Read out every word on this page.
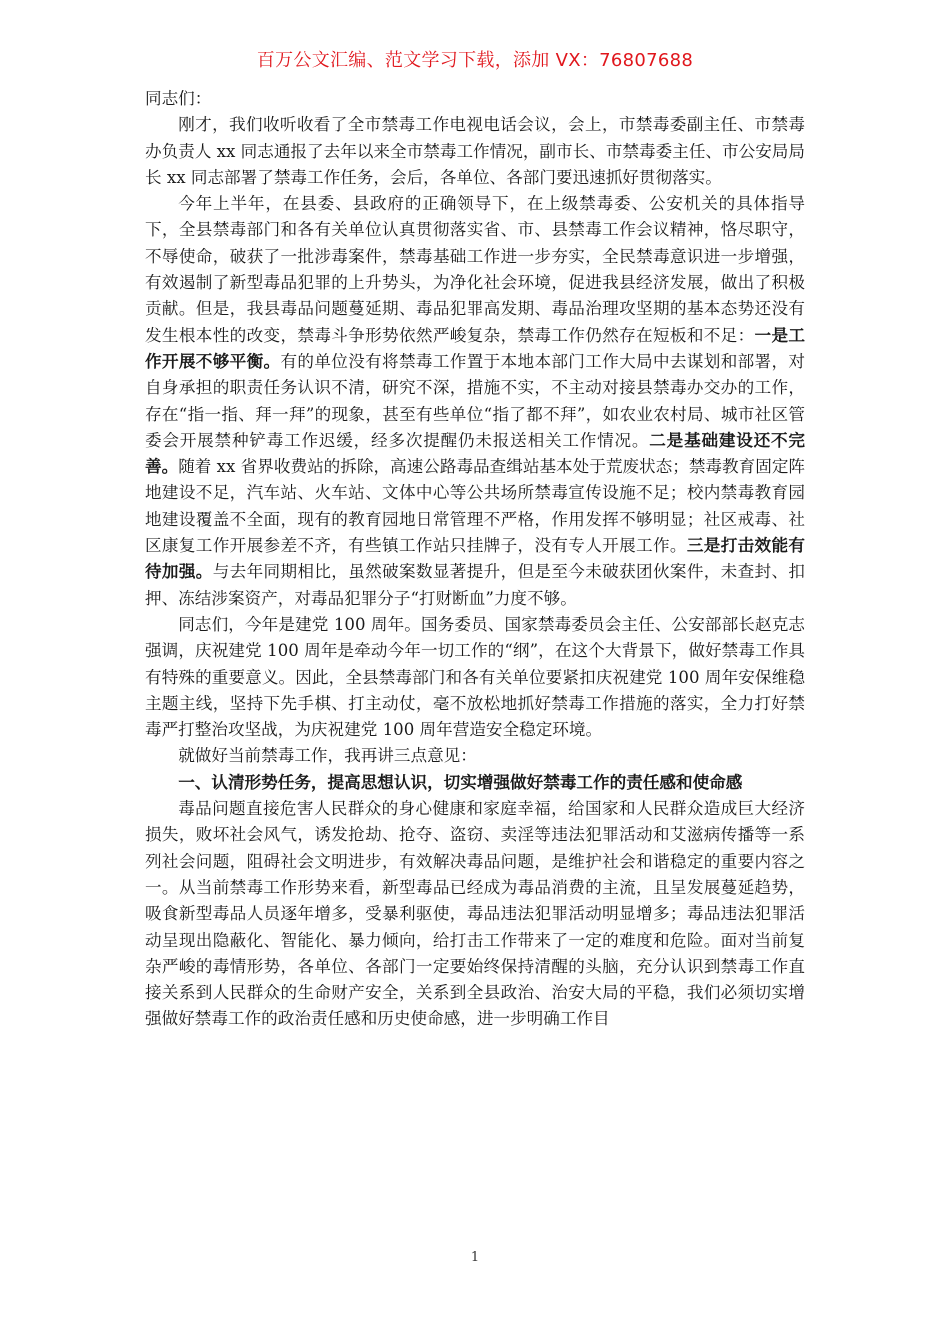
百万公文汇编、范文学习下载，添加 VX：76807688

同志们：

刚才，我们收听收看了全市禁毒工作电视电话会议，会上，市禁毒委副主任、市禁毒办负责人 xx 同志通报了去年以来全市禁毒工作情况，副市长、市禁毒委主任、市公安局局长 xx 同志部署了禁毒工作任务，会后，各单位、各部门要迅速抓好贯彻落实。

今年上半年，在县委、县政府的正确领导下，在上级禁毒委、公安机关的具体指导下，全县禁毒部门和各有关单位认真贯彻落实省、市、县禁毒工作会议精神，恪尽职守，不辱使命，破获了一批涉毒案件，禁毒基础工作进一步夯实，全民禁毒意识进一步增强，有效遏制了新型毒品犯罪的上升势头，为净化社会环境，促进我县经济发展，做出了积极贡献。但是，我县毒品问题蔓延期、毒品犯罪高发期、毒品治理攻坚期的基本态势还没有发生根本性的改变，禁毒斗争形势依然严峻复杂，禁毒工作仍然存在短板和不足：一是工作开展不够平衡。有的单位没有将禁毒工作置于本地本部门工作大局中去谋划和部署，对自身承担的职责任务认识不清，研究不深，措施不实，不主动对接县禁毒办交办的工作，存在“指一指、拜一拜”的现象，甚至有些单位“指了都不拜”，如农业农村局、城市社区管委会开展禁种铲毒工作迟缓，经多次提醒仍未报送相关工作情况。二是基础建设还不完善。随着 xx 省界收费站的拆除，高速公路毒品查缉站基本处于荒废状态；禁毒教育固定阵地建设不足，汽车站、火车站、文体中心等公共场所禁毒宣传设施不足；校内禁毒教育园地建设覆盖不全面，现有的教育园地日常管理不严格，作用发挥不够明显；社区戒毒、社区康复工作开展参差不齐，有些镇工作站只挂牌子，没有专人开展工作。三是打击效能有待加强。与去年同期相比，虽然破案数显著提升，但是至今未破获团伙案件，未查封、扣押、冻结涉案资产，对毒品犯罪分子“打财断血”力度不够。

同志们，今年是建党 100 周年。国务委员、国家禁毒委员会主任、公安部部长赵克志强调，庆祝建党 100 周年是牵动今年一切工作的“纲”，在这个大背景下，做好禁毒工作具有特殊的重要意义。因此，全县禁毒部门和各有关单位要紧扣庆祝建党 100 周年安保维稳主题主线，坚持下先手棋、打主动仗，毫不放松地抓好禁毒工作措施的落实，全力打好禁毒严打整治攻坚战，为庆祝建党 100 周年营造安全稳定环境。

就做好当前禁毒工作，我再讲三点意见：

一、认清形势任务，提高思想认识，切实增强做好禁毒工作的责任感和使命感

毒品问题直接危害人民群众的身心健康和家庭幸福，给国家和人民群众造成巨大经济损失，败坏社会风气，诱发抢劫、抢夺、盗窃、卖淫等违法犯罪活动和艾滋病传播等一系列社会问题，阻碍社会文明进步，有效解决毒品问题，是维护社会和谐稳定的重要内容之一。从当前禁毒工作形势来看，新型毒品已经成为毒品消费的主流，且呈发展蔓延趋势，吸食新型毒品人员逐年增多，受暴利驱使，毒品违法犯罪活动明显增多；毒品违法犯罪活动呈现出隐蔽化、智能化、暴力倾向，给打击工作带来了一定的难度和危险。面对当前复杂严峻的毒情形势，各单位、各部门一定要始终保持清醒的头脑，充分认识到禁毒工作直接关系到人民群众的生命财产安全，关系到全县政治、治安大局的平稳，我们必须切实增强做好禁毒工作的政治责任感和历史使命感，进一步明确工作目

1
